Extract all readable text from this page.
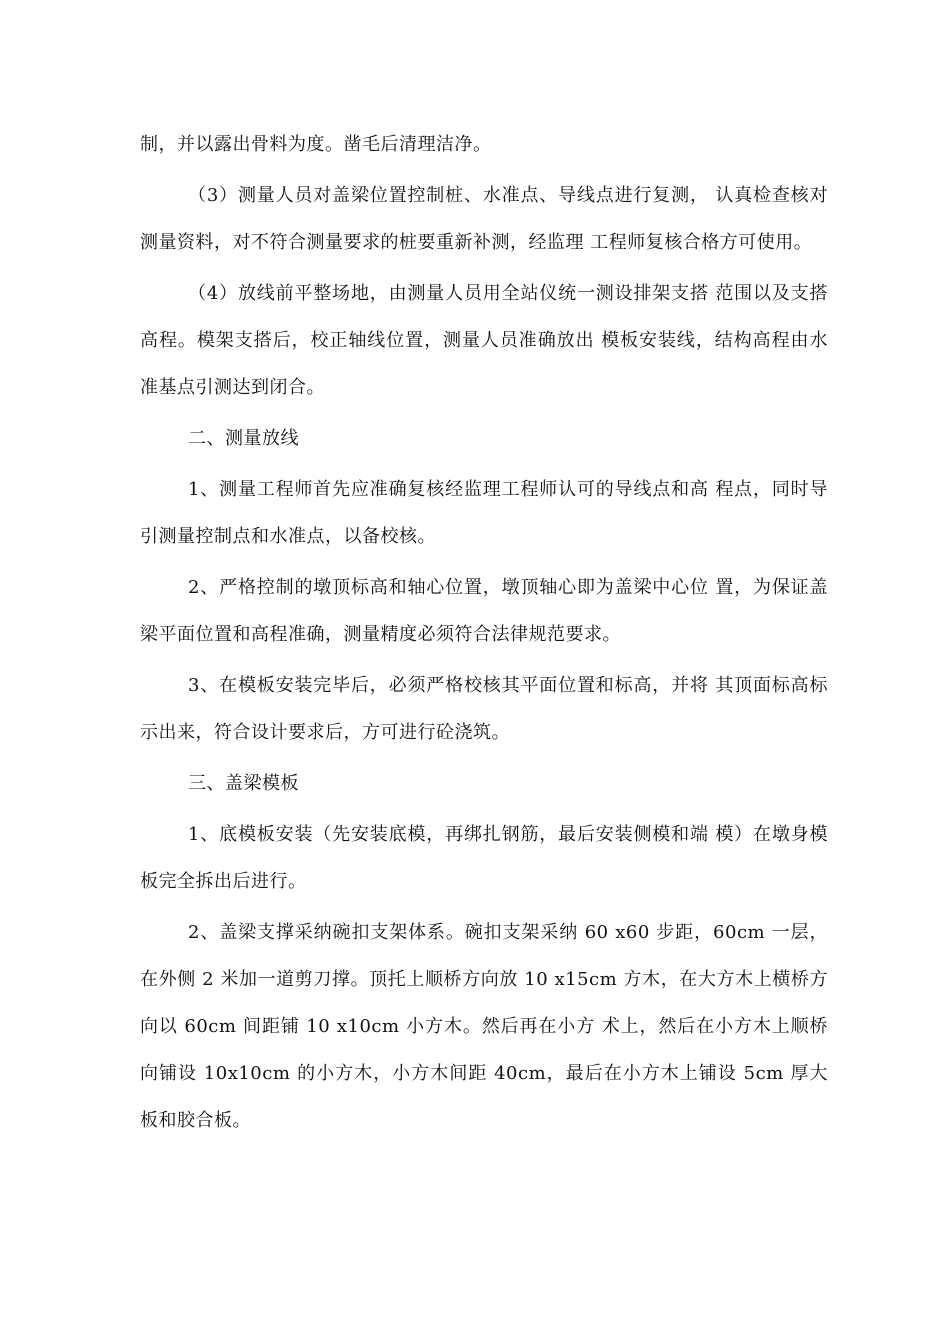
制，并以露出骨料为度。凿毛后清理洁净。

（3）测量人员对盖梁位置控制桩、水准点、导线点进行复测， 认真检查核对测量资料，对不符合测量要求的桩要重新补测，经监理 工程师复核合格方可使用。

（4）放线前平整场地，由测量人员用全站仪统一测设排架支搭 范围以及支搭高程。模架支搭后，校正轴线位置，测量人员准确放出 模板安装线，结构高程由水准基点引测达到闭合。

二、测量放线

1、测量工程师首先应准确复核经监理工程师认可的导线点和高 程点，同时导引测量控制点和水准点，以备校核。

2、严格控制的墩顶标高和轴心位置，墩顶轴心即为盖梁中心位 置，为保证盖梁平面位置和高程准确，测量精度必须符合法律规范要求。

3、在模板安装完毕后，必须严格校核其平面位置和标高，并将 其顶面标高标示出来，符合设计要求后，方可进行砼浇筑。

三、盖梁模板

1、底模板安装（先安装底模，再绑扎钢筋，最后安装侧模和端 模）在墩身模板完全拆出后进行。

2、盖梁支撑采纳碗扣支架体系。碗扣支架采纳 60 x60 步距，60cm 一层， 在外侧 2 米加一道剪刀撑。顶托上顺桥方向放 10 x15cm 方木，在大方木上横桥方向以 60cm 间距铺 10 x10cm 小方木。然后再在小方 术上，然后在小方木上顺桥向铺设 10x10cm 的小方木，小方木间距 40cm，最后在小方木上铺设 5cm 厚大板和胶合板。
